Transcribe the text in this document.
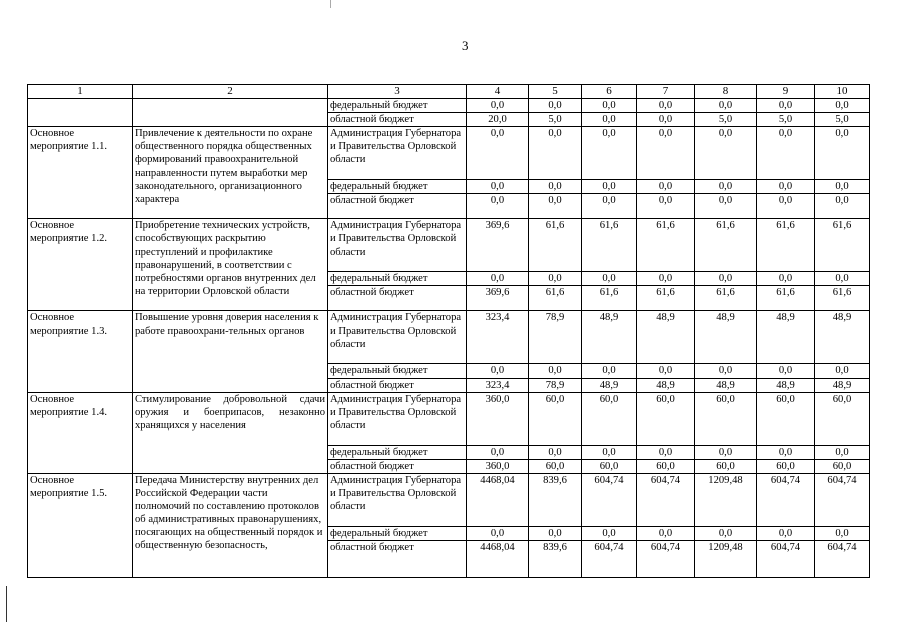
3
1	2	3	4	5	6	7	8	9	10
		федеральный бюджет	0,0	0,0	0,0	0,0	0,0	0,0	0,0
		областной бюджет	20,0	5,0	0,0	0,0	5,0	5,0	5,0
Основное мероприятие 1.1.	Привлечение к деятельности по охране общественного порядка общественных формирований правоохранительной направленности путем выработки мер законодательного, организационного характера	Администрация Губернатора и Правительства Орловской области	0,0	0,0	0,0	0,0	0,0	0,0	0,0
		федеральный бюджет	0,0	0,0	0,0	0,0	0,0	0,0	0,0
		областной бюджет	0,0	0,0	0,0	0,0	0,0	0,0	0,0
Основное мероприятие 1.2.	Приобретение технических устройств, способствующих раскрытию преступлений и профилактике правонарушений, в соответствии с потребностями органов внутренних дел на территории Орловской области	Администрация Губернатора и Правительства Орловской области	369,6	61,6	61,6	61,6	61,6	61,6	61,6
		федеральный бюджет	0,0	0,0	0,0	0,0	0,0	0,0	0,0
		областной бюджет	369,6	61,6	61,6	61,6	61,6	61,6	61,6
Основное мероприятие 1.3.	Повышение уровня доверия населения к работе правоохрани-тельных органов	Администрация Губернатора и Правительства Орловской области	323,4	78,9	48,9	48,9	48,9	48,9	48,9
		федеральный бюджет	0,0	0,0	0,0	0,0	0,0	0,0	0,0
		областной бюджет	323,4	78,9	48,9	48,9	48,9	48,9	48,9
Основное мероприятие 1.4.	Стимулирование добровольной сдачи оружия и боеприпасов, незаконно хранящихся у населения	Администрация Губернатора и Правительства Орловской области	360,0	60,0	60,0	60,0	60,0	60,0	60,0
		федеральный бюджет	0,0	0,0	0,0	0,0	0,0	0,0	0,0
		областной бюджет	360,0	60,0	60,0	60,0	60,0	60,0	60,0
Основное мероприятие 1.5.	Передача Министерству внутренних дел Российской Федерации части полномочий по составлению протоколов об административных правонарушениях, посягающих на общественный порядок и общественную безопасность,	Администрация Губернатора и Правительства Орловской области	4468,04	839,6	604,74	604,74	1209,48	604,74	604,74
		федеральный бюджет	0,0	0,0	0,0	0,0	0,0	0,0	0,0
		областной бюджет	4468,04	839,6	604,74	604,74	1209,48	604,74	604,74
